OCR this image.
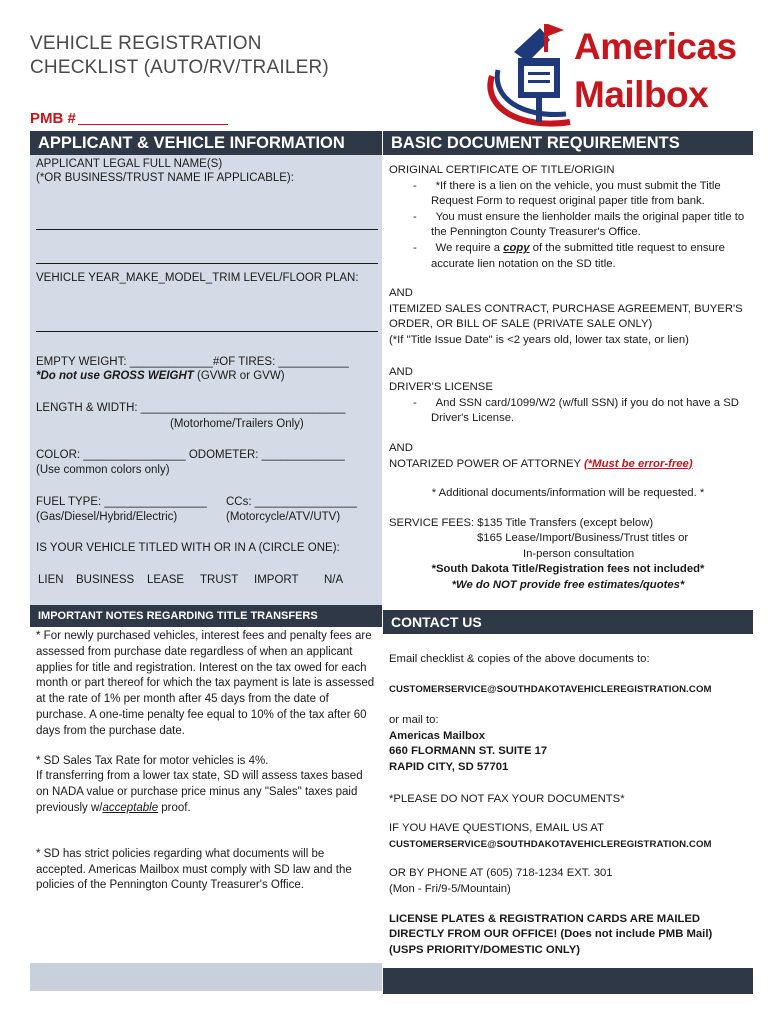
VEHICLE REGISTRATION
CHECKLIST (AUTO/RV/TRAILER)
PMB #
Americas
Mailbox
APPLICANT & VEHICLE INFORMATION
APPLICANT LEGAL FULL NAME(S)
(*OR BUSINESS/TRUST NAME IF APPLICABLE):
VEHICLE YEAR_MAKE_MODEL_TRIM LEVEL/FLOOR PLAN:
EMPTY WEIGHT: _____________#OF TIRES: ___________
*Do not use GROSS WEIGHT (GVWR or GVW)
LENGTH & WIDTH: ________________________________
(Motorhome/Trailers Only)
COLOR: ________________ ODOMETER: _____________
(Use common colors only)
FUEL TYPE: ________________
(Gas/Diesel/Hybrid/Electric)
CCs: ________________
(Motorcycle/ATV/UTV)
IS YOUR VEHICLE TITLED WITH OR IN A (CIRCLE ONE):
LIEN	BUSINESS	LEASE	TRUST	IMPORT	N/A
IMPORTANT NOTES REGARDING TITLE TRANSFERS
* For newly purchased vehicles, interest fees and penalty fees are assessed from purchase date regardless of when an applicant applies for title and registration. Interest on the tax owed for each month or part thereof for which the tax payment is late is assessed at the rate of 1% per month after 45 days from the date of purchase. A one-time penalty fee equal to 10% of the tax after 60 days from the purchase date.
* SD Sales Tax Rate for motor vehicles is 4%.
If transferring from a lower tax state, SD will assess taxes based on NADA value or purchase price minus any "Sales" taxes paid previously w/acceptable proof.
* SD has strict policies regarding what documents will be accepted. Americas Mailbox must comply with SD law and the policies of the Pennington County Treasurer's Office.
BASIC DOCUMENT REQUIREMENTS
ORIGINAL CERTIFICATE OF TITLE/ORIGIN
-      *If there is a lien on the vehicle, you must submit the Title Request Form to request original paper title from bank.
-      You must ensure the lienholder mails the original paper title to the Pennington County Treasurer's Office.
-      We require a copy of the submitted title request to ensure accurate lien notation on the SD title.
AND
ITEMIZED SALES CONTRACT, PURCHASE AGREEMENT, BUYER'S ORDER, OR BILL OF SALE (PRIVATE SALE ONLY)
(*If "Title Issue Date" is <2 years old, lower tax state, or lien)
AND
DRIVER'S LICENSE
-      And SSN card/1099/W2 (w/full SSN) if you do not have a SD Driver's License.
AND
NOTARIZED POWER OF ATTORNEY (*Must be error-free)
* Additional documents/information will be requested. *
SERVICE FEES: $135 Title Transfers (except below)
$165 Lease/Import/Business/Trust titles or
In-person consultation
*South Dakota Title/Registration fees not included*
*We do NOT provide free estimates/quotes*
CONTACT US
Email checklist & copies of the above documents to:
CUSTOMERSERVICE@SOUTHDAKOTAVEHICLEREGISTRATION.COM
or mail to:
Americas Mailbox
660 FLORMANN ST. SUITE 17
RAPID CITY, SD 57701
*PLEASE DO NOT FAX YOUR DOCUMENTS*
IF YOU HAVE QUESTIONS, EMAIL US AT
CUSTOMERSERVICE@SOUTHDAKOTAVEHICLEREGISTRATION.COM
OR BY PHONE AT (605) 718-1234 EXT. 301
(Mon - Fri/9-5/Mountain)
LICENSE PLATES & REGISTRATION CARDS ARE MAILED DIRECTLY FROM OUR OFFICE! (Does not include PMB Mail) (USPS PRIORITY/DOMESTIC ONLY)
